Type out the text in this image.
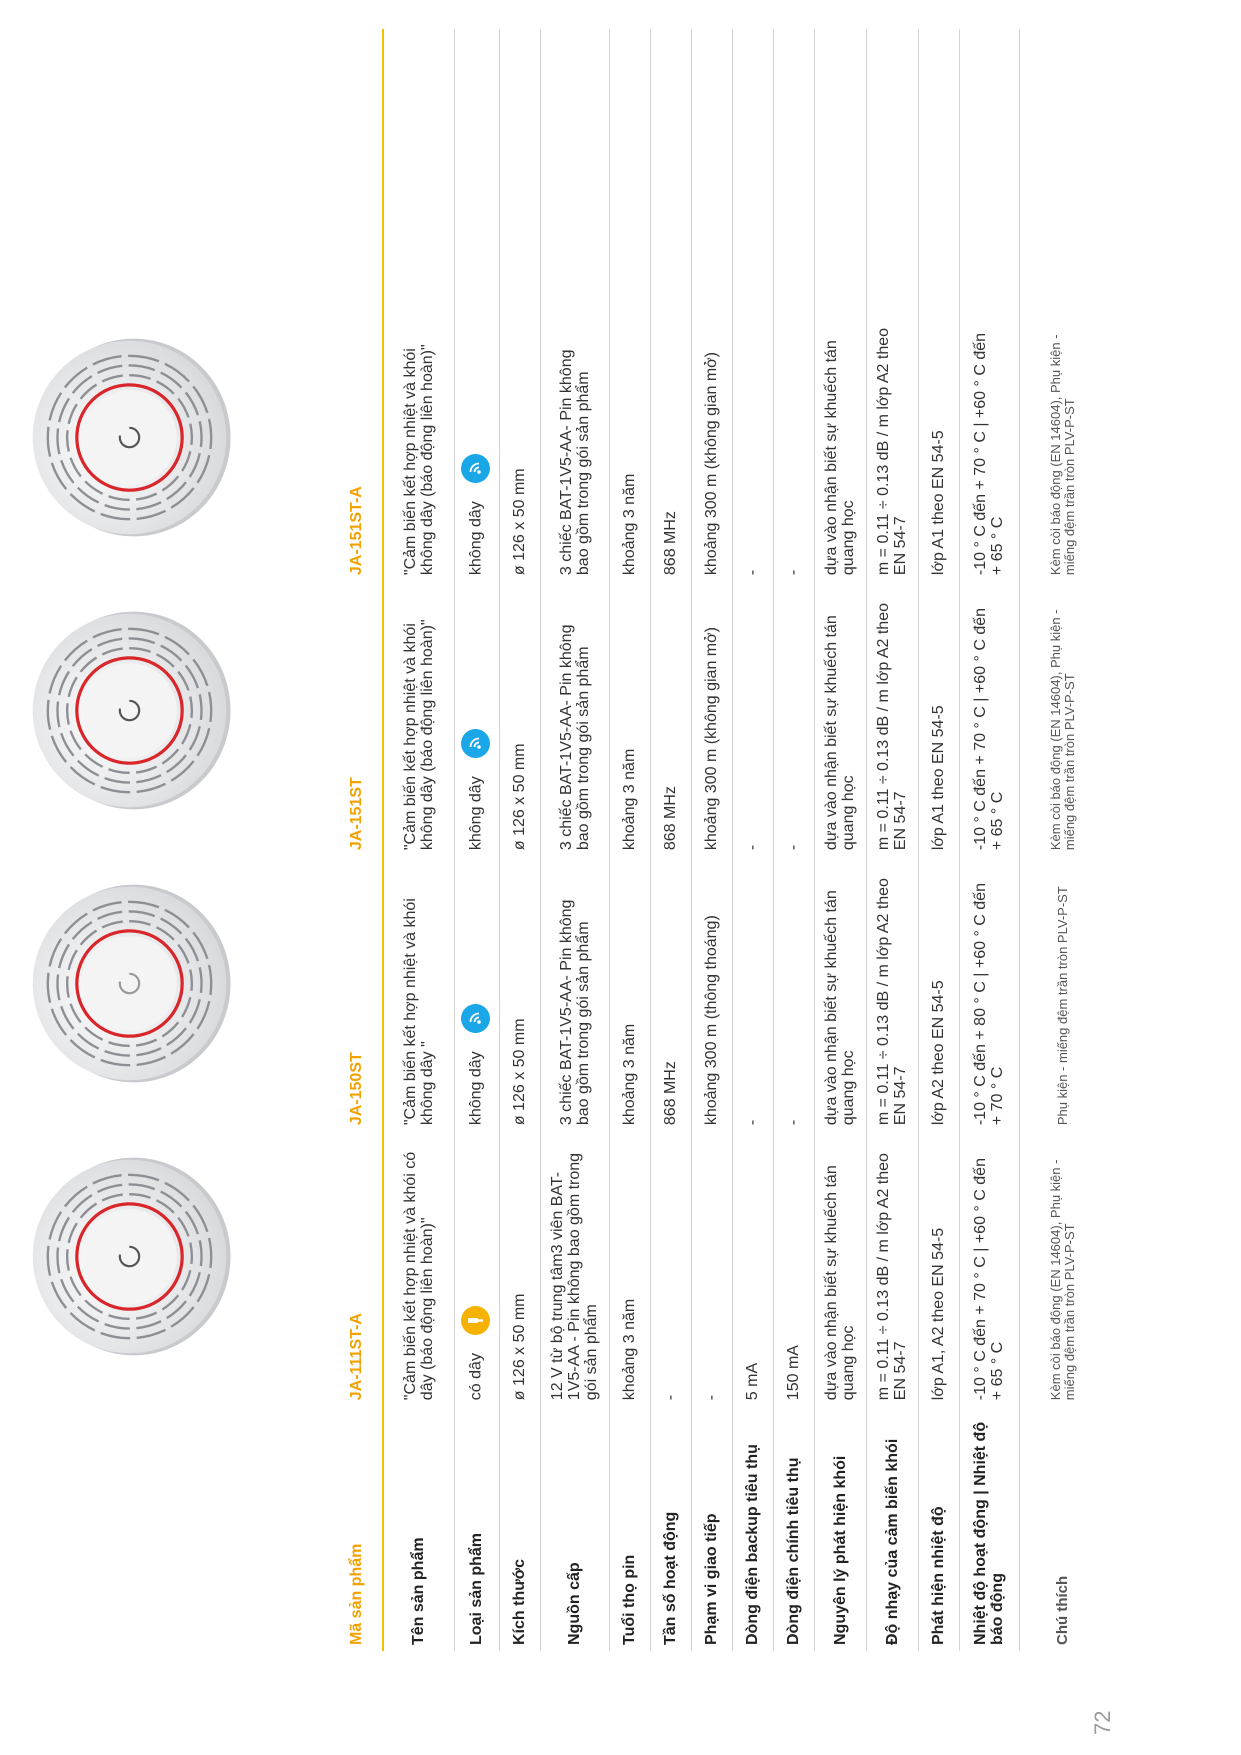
Mã sản phẩm	JA-111ST-A	JA-150ST	JA-151ST	JA-151ST-A	
Tên sản phẩm	"Cảm biến kết hợp nhiệt và khói có dây (báo động liên hoàn)"	"Cảm biến kết hợp nhiệt và khói không dây "	"Cảm biến kết hợp nhiệt và khói không dây (báo động liên hoàn)"	"Cảm biến kết hợp nhiệt và khói không dây (báo động liên hoàn)"	
Loại sản phẩm	có dây	không dây	không dây	không dây

Kích thước	ø 126 x 50 mm	ø 126 x 50 mm	ø 126 x 50 mm	ø 126 x 50 mm	
Nguồn cấp	12 V từ bộ trung tâm3 viên BAT-1V5-AA - Pin không bao gồm trong gói sản phẩm	3 chiếc BAT-1V5-AA- Pin không bao gồm trong gói sản phẩm	3 chiếc BAT-1V5-AA- Pin không bao gồm trong gói sản phẩm	3 chiếc BAT-1V5-AA- Pin không bao gồm trong gói sản phẩm	
Tuổi thọ pin	khoảng 3 năm	khoảng 3 năm	khoảng 3 năm	khoảng 3 năm	
Tần số hoạt động	-	868 MHz	868 MHz	868 MHz	
Phạm vi giao tiếp	-	khoảng 300 m (thông thoáng)	khoảng 300 m (không gian mở)	khoảng 300 m (không gian mở)	
Dòng điện backup tiêu thụ	5 mA	-	-	-	
Dòng điện chính tiêu thụ	150 mA	-	-	-	
Nguyên lý phát hiện khói	dựa vào nhận biết sự khuếch tán quang học	dựa vào nhận biết sự khuếch tán quang học	dựa vào nhận biết sự khuếch tán quang học	dựa vào nhận biết sự khuếch tán quang học	
Độ nhạy của cảm biến khói	m = 0.11 ÷ 0.13 dB / m lớp A2 theo EN 54-7	m = 0.11 ÷ 0.13 dB / m lớp A2 theo EN 54-7	m = 0.11 ÷ 0.13 dB / m lớp A2 theo EN 54-7	m = 0.11 ÷ 0.13 dB / m lớp A2 theo EN 54-7	
Phát hiện nhiệt độ	lớp A1, A2 theo EN 54-5	lớp A2 theo EN 54-5	lớp A1 theo EN 54-5	lớp A1 theo EN 54-5	
Nhiệt độ hoạt động | Nhiệt độ báo động	-10 ° C đến + 70 ° C | +60 ° C đến + 65 ° C	-10 ° C đến + 80 ° C | +60 ° C đến + 70 ° C	-10 ° C đến + 70 ° C | +60 ° C đến + 65 ° C	-10 ° C đến + 70 ° C | +60 ° C đến + 65 ° C	
Chú thích	Kèm còi báo động (EN 14604), Phụ kiện - miếng đệm trần tròn PLV-P-ST	Phụ kiện - miếng đệm trần tròn PLV-P-ST	Kèm còi báo động (EN 14604), Phụ kiện - miếng đệm trần tròn PLV-P-ST	Kèm còi báo động (EN 14604), Phụ kiện - miếng đệm trần tròn PLV-P-ST	
72
